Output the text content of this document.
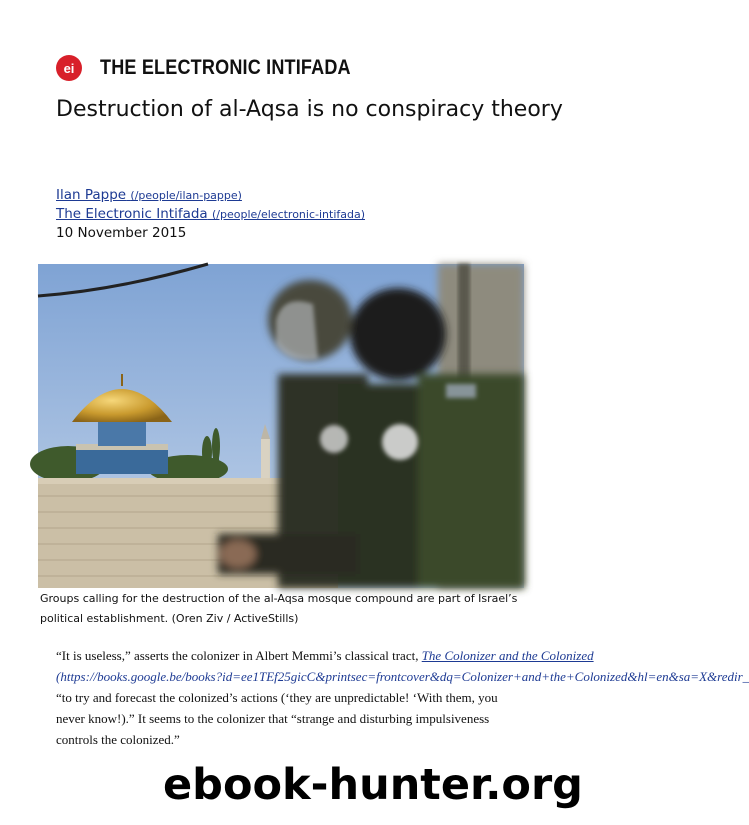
ei THE ELECTRONIC INTIFADA
Destruction of al-Aqsa is no conspiracy theory
Ilan Pappe (/people/ilan-pappe)
The Electronic Intifada (/people/electronic-intifada)
10 November 2015
Groups calling for the destruction of the al-Aqsa mosque compound are part of Israel’s political establishment. (Oren Ziv / ActiveStills)
“It is useless,” asserts the colonizer in Albert Memmi’s classical tract, The Colonizer and the Colonized (https://books.google.be/books?id=ee1TEf25gicC&printsec=frontcover&dq=Colonizer+and+the+Colonized&hl=en&sa=X&redir_
“to try and forecast the colonized’s actions (‘they are unpredictable! ‘With them, you never know!).” It seems to the colonizer that “strange and disturbing impulsiveness controls the colonized.”
ebook-hunter.org
